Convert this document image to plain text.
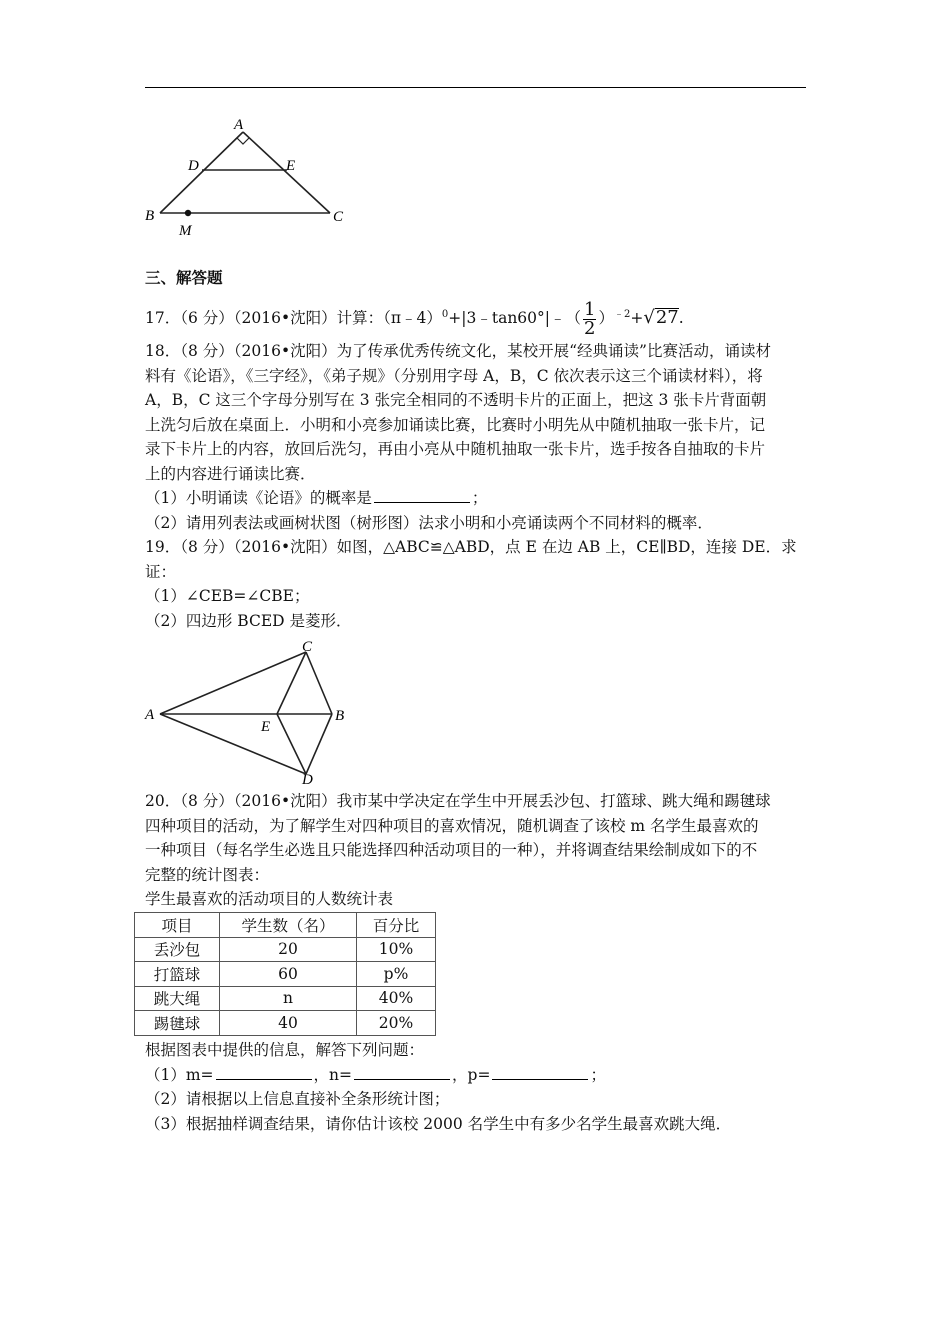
A
D	E
B	C
M
三、解答题
17．（6 分）（2016•沈阳）计算：（π﹣4）$^0$+|3﹣tan60°|﹣（ $\frac{1}{2} )^{﹣2}+√27$.
18．（8 分）（2016•沈阳）为了传承优秀传统文化，某校开展“经典诵读”比赛活动，诵读材
料有《论语》，《三字经》，《弟子规》（分别用字母 A，B，C 依次表示这三个诵读材料），将
A，B，C 这三个字母分别写在 3 张完全相同的不透明卡片的正面上，把这 3 张卡片背面朝
上洗匀后放在桌面上．小明和小亮参加诵读比赛，比赛时小明先从中随机抽取一张卡片，记
录下卡片上的内容，放回后洗匀，再由小亮从中随机抽取一张卡片，选手按各自抽取的卡片
上的内容进行诵读比赛．
（1）小明诵读《论语》的概率是	；
（2）请用列表法或画树状图（树形图）法求小明和小亮诵读两个不同材料的概率．
19．（8 分）（2016•沈阳）如图，△ABC≌△ABD，点 E 在边 AB 上，CE∥BD，连接 DE．求
证：
（1）∠CEB=∠CBE；
（2）四边形 BCED 是菱形．
C
A	B
E
D
20．（8 分）（2016•沈阳）我市某中学决定在学生中开展丢沙包、打篮球、跳大绳和踢毽球
四种项目的活动，为了解学生对四种项目的喜欢情况，随机调查了该校 m 名学生最喜欢的
一种项目（每名学生必选且只能选择四种活动项目的一种），并将调查结果绘制成如下的不
完整的统计图表：
学生最喜欢的活动项目的人数统计表
项目	学生数（名）	百分比
丢沙包	20	10%
打篮球	60	p%
跳大绳	n	40%
踢毽球	40	20%
根据图表中提供的信息，解答下列问题：
（1）m=	，n=	，p=	；
（2）请根据以上信息直接补全条形统计图；
（3）根据抽样调查结果，请你估计该校 2000 名学生中有多少名学生最喜欢跳大绳．
